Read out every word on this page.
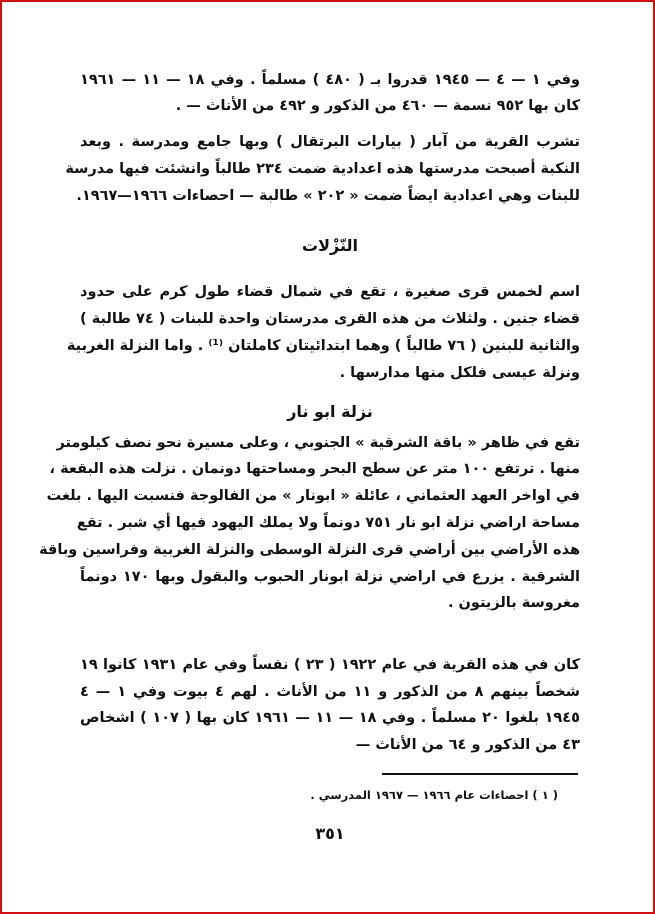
وفي ١ — ٤ — ١٩٤٥ قدروا بـ ( ٤٨٠ ) مسلماً . وفي ١٨ — ١١ — ١٩٦١
كان بها ٩٥٢ نسمة — ٤٦٠ من الذكور و ٤٩٢ من الأناث — .
تشرب القرية من آبار ( بيارات البرتقال ) وبها جامع ومدرسة . وبعد
النكبة أصبحت مدرستها هذه اعدادية ضمت ٢٣٤ طالباً وانشئت فيها مدرسة
للبنات وهي اعدادية ايضاً ضمت « ٢٠٢ » طالبة — احصاءات ١٩٦٦—١٩٦٧.
النّزْلات
اسم لخمس قرى صغيرة ، تقع في شمال قضاء طول كرم على حدود
قضاء جنين . ولثلاث من هذه القرى مدرستان واحدة للبنات ( ٧٤ طالبة )
والثانية للبنين ( ٧٦ طالباً ) وهما ابتدائيتان كاملتان ⁽¹⁾ . واما النزلة الغربية
ونزلة عيسى فلكل منها مدارسها .
نزلة ابو نار
تقع في ظاهر « باقة الشرقية » الجنوبي ، وعلى مسيرة نحو نصف كيلومتر
منها . ترتفع ١٠٠ متر عن سطح البحر ومساحتها دونمان . نزلت هذه البقعة ،
في اواخر العهد العثماني ، عائلة « ابونار » من الفالوجة فنسبت اليها . بلغت
مساحة اراضي نزلة ابو نار ٧٥١ دونماً ولا يملك اليهود فيها أي شبر . تقع
هذه الأراضي بين أراضي قرى النزلة الوسطى والنزلة الغربية وفراسين وباقة
الشرقية . يزرع في اراضي نزلة ابونار الحبوب والبقول وبها ١٧٠ دونماً
مغروسة بالزيتون .
كان في هذه القرية في عام ١٩٢٢ ( ٢٣ ) نفساً وفي عام ١٩٣١ كانوا ١٩
شخصاً بينهم ٨ من الذكور و ١١ من الأناث . لهم ٤ بيوت وفي ١ — ٤
١٩٤٥ بلغوا ٢٠ مسلماً . وفي ١٨ — ١١ — ١٩٦١ كان بها ( ١٠٧ ) اشخاص
٤٣ من الذكور و ٦٤ من الأناث —
( ١ ) احصاءات عام ١٩٦٦ — ١٩٦٧ المدرسي .
٣٥١
